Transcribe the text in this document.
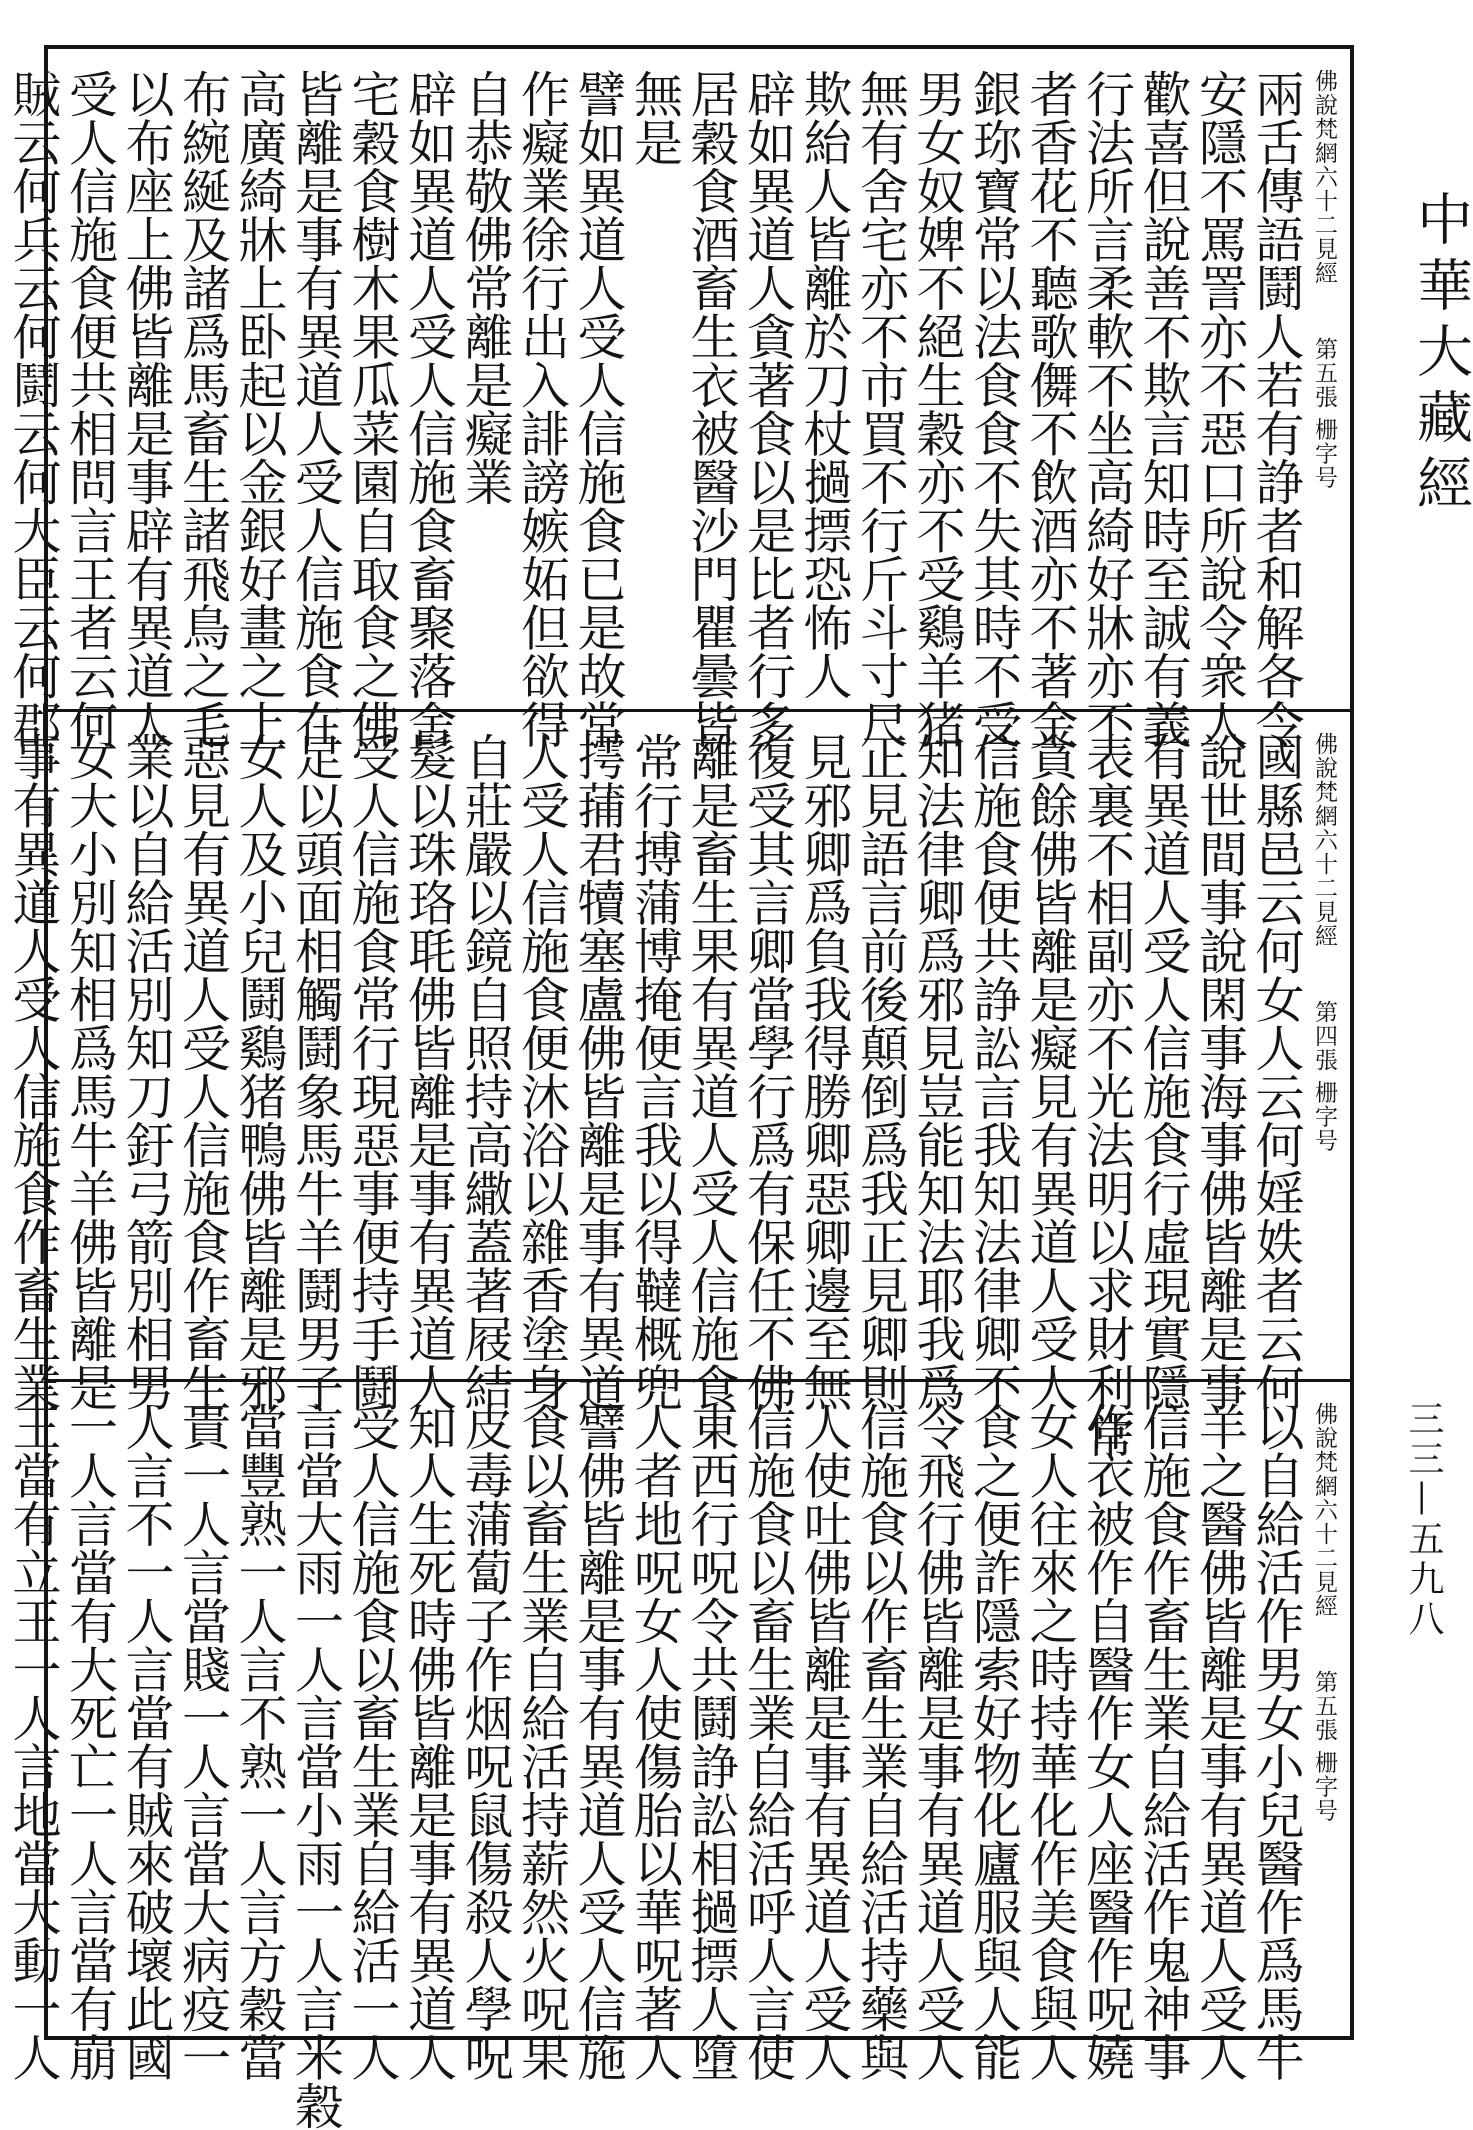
中華大藏經
三三—五九八
佛說梵網六十二見經第五張 栅字号
兩舌傳語鬪人若有諍者和解各令
安隱不罵詈亦不惡口所說令衆人
歡喜但說善不欺言知時至誠有義
行法所言柔軟不坐高綺好牀亦不
者香花不聽歌儛不飲酒亦不著金
銀珎寶常以法食食不失其時不受
男女奴婢不絕生穀亦不受鷄羊猪
無有舍宅亦不市買不行斤斗寸尺
欺紿人皆離於刀杖撾摽恐怖人
辟如異道人貪著食以是比者行多
居穀食酒畜生衣被醫沙門瞿曇皆
無是
譬如異道人受人信施食已是故常
作癡業徐行出入誹謗嫉妬但欲得
自恭敬佛常離是癡業
辟如異道人受人信施食畜聚落舍
宅穀食樹木果瓜菜園自取食之佛
皆離是事有異道人受人信施食在
高廣綺牀上卧起以金銀好畫之上
布綩綖及諸爲馬畜生諸飛鳥之毛
以布座上佛皆離是事辟有異道人
受人信施食便共相問言王者云何
賊云何兵云何鬪云何大臣云何郡
佛說梵網六十二見經第四張 栅字号
國縣邑云何女人云何婬妷者云何
說世間事說閑事海事佛皆離是事
有異道人受人信施食行虛現實隱
表裏不相副亦不光法明以求財利常
貪餘佛皆離是癡見有異道人受人
信施食便共諍訟言我知法律卿不
知法律卿爲邪見豈能知法耶我爲
正見語言前後顛倒爲我正見卿則
見邪卿爲負我得勝卿惡卿邊至無
復受其言卿當學行爲有保任不佛
離是畜生果有異道人受人信施食
常行搏蒲博掩便言我以得韃概兜
摴蒱君犢塞盧佛皆離是事有異道
人受人信施食便沐浴以雜香塗身
自莊嚴以鏡自照持高繖蓋著屐結
髮以珠珞毦佛皆離是事有異道人
受人信施食常行現惡事便持手鬪
足以頭面相觸鬪象馬牛羊鬪男子
女人及小兒鬪鷄猪鴨佛皆離是邪
惡見有異道人受人信施食作畜生
業以自給活別知刀釪弓箭別相男
女大小別知相爲馬牛羊佛皆離是
事有異道人受人信施食作畜生業
佛說梵網六十二見經第五張 栅字号
以自給活作男女小兒醫作爲馬牛
羊之醫佛皆離是事有異道人受人
信施食作畜生業自給活作鬼神事
作衣被作自醫作女人座醫作呪嬈
女人往來之時持華化作美食與人
食之便詐隱索好物化廬服與人能
令飛行佛皆離是事有異道人受人
信施食以作畜生業自給活持藥與
人使吐佛皆離是事有異道人受人
信施食以畜生業自給活呼人言使
東西行呪令共鬪諍訟相撾摽人墮
人者地呪女人使傷胎以華呪著人
譬佛皆離是事有異道人受人信施
食以畜生業自給活持薪然火呪果
皮毒蒲蔔子作烟呪鼠傷殺人學呪
知人生死時佛皆離是事有異道人
受人信施食以畜生業自給活一人
言當大雨一人言當小雨一人言米穀
當豐熟一人言不熟一人言方穀當
貴一人言當賤一人言當大病疫一
人言不一人言當有賊來破壞此國
一人言當有大死亡一人言當有崩
王當有立王一人言地當大動一人
